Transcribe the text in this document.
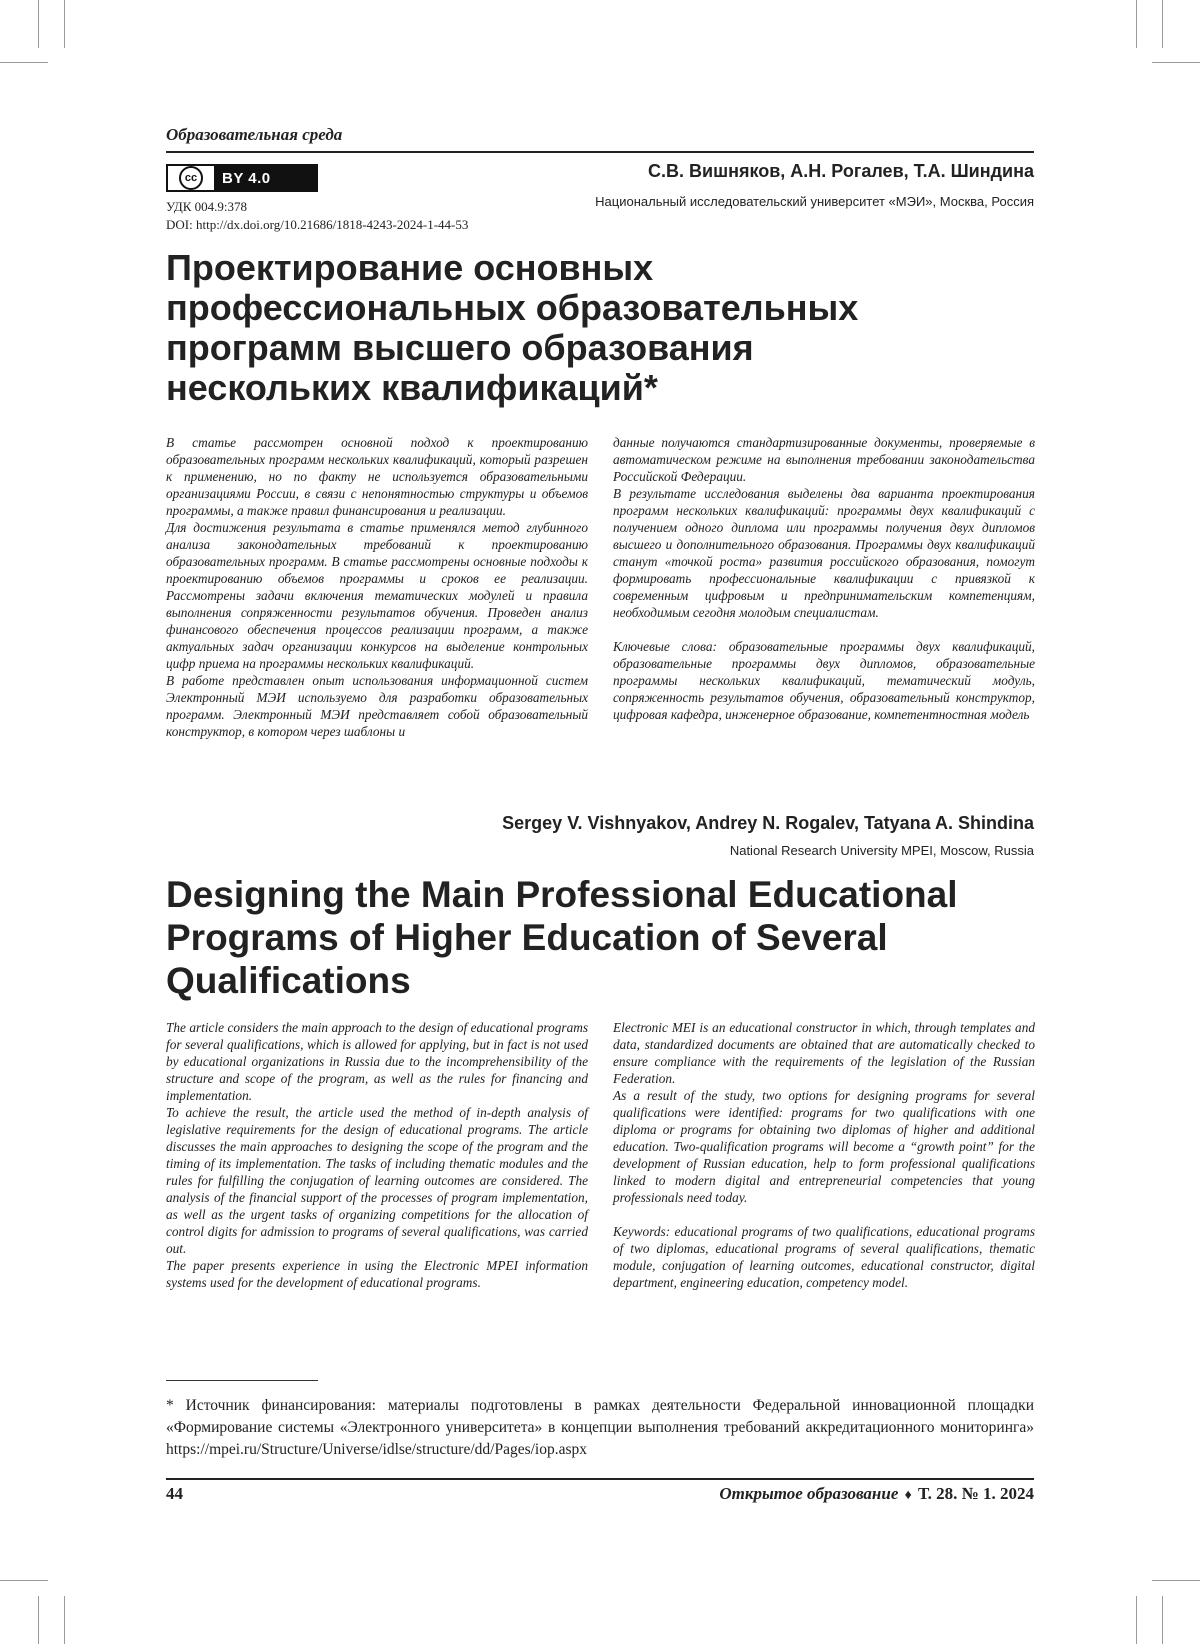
Образовательная среда
cc	BY 4.0
УДК 004.9:378
DOI: http://dx.doi.org/10.21686/1818-4243-2024-1-44-53
С.В. Вишняков, А.Н. Рогалев, Т.А. Шиндина
Национальный исследовательский университет «МЭИ», Москва, Россия
Проектирование основных
профессиональных образовательных
программ высшего образования
нескольких квалификаций*

В статье рассмотрен основной подход к проектированию образовательных программ нескольких квалификаций, который разрешен к применению, но по факту не используется образовательными организациями России, в связи с непонятностью структуры и объемов программы, а также правил финансирования и реализации.

Для достижения результата в статье применялся метод глубинного анализа законодательных требований к проектированию образовательных программ. В статье рассмотрены основные подходы к проектированию объемов программы и сроков ее реализации. Рассмотрены задачи включения тематических модулей и правила выполнения сопряженности результатов обучения. Проведен анализ финансового обеспечения процессов реализации программ, а также актуальных задач организации конкурсов на выделение контрольных цифр приема на программы нескольких квалификаций.

В работе представлен опыт использования информационной систем Электронный МЭИ используемо для разработки образовательных программ. Электронный МЭИ представляет собой образовательный конструктор, в котором через шаблоны и

данные получаются стандартизированные документы, проверяемые в автоматическом режиме на выполнения требовании законодательства Российской Федерации.

В результате исследования выделены два варианта проектирования программ нескольких квалификаций: программы двух квалификаций с получением одного диплома или программы получения двух дипломов высшего и дополнительного образования. Программы двух квалификаций станут «точкой роста» развития российского образования, помогут формировать профессиональные квалификации с привязкой к современным цифровым и предпринимательским компетенциям, необходимым сегодня молодым специалистам.

Ключевые слова: образовательные программы двух квалификаций, образовательные программы двух дипломов, образовательные программы нескольких квалификаций, тематический модуль, сопряженность результатов обучения, образовательный конструктор, цифровая кафедра, инженерное образование, компетентностная модель

Sergey V. Vishnyakov, Andrey N. Rogalev, Tatyana A. Shindina
National Research University MPEI, Moscow, Russia
Designing the Main Professional Educational
Programs of Higher Education of Several
Qualifications

The article considers the main approach to the design of educational programs for several qualifications, which is allowed for applying, but in fact is not used by educational organizations in Russia due to the incomprehensibility of the structure and scope of the program, as well as the rules for financing and implementation.

To achieve the result, the article used the method of in-depth analysis of legislative requirements for the design of educational programs. The article discusses the main approaches to designing the scope of the program and the timing of its implementation. The tasks of including thematic modules and the rules for fulfilling the conjugation of learning outcomes are considered. The analysis of the financial support of the processes of program implementation, as well as the urgent tasks of organizing competitions for the allocation of control digits for admission to programs of several qualifications, was carried out.

The paper presents experience in using the Electronic MPEI information systems used for the development of educational programs.

Electronic MEI is an educational constructor in which, through templates and data, standardized documents are obtained that are automatically checked to ensure compliance with the requirements of the legislation of the Russian Federation.

As a result of the study, two options for designing programs for several qualifications were identified: programs for two qualifications with one diploma or programs for obtaining two diplomas of higher and additional education. Two-qualification programs will become a “growth point” for the development of Russian education, help to form professional qualifications linked to modern digital and entrepreneurial competencies that young professionals need today.

Keywords: educational programs of two qualifications, educational programs of two diplomas, educational programs of several qualifications, thematic module, conjugation of learning outcomes, educational constructor, digital department, engineering education, competency model.

* Источник финансирования: материалы подготовлены в рамках деятельности Федеральной инновационной площадки «Формирование системы «Электронного университета» в концепции выполнения требований аккредитационного мониторинга» https://mpei.ru/Structure/Universe/idlse/structure/dd/Pages/iop.aspx
44	Открытое образование ♦ Т. 28. № 1. 2024
